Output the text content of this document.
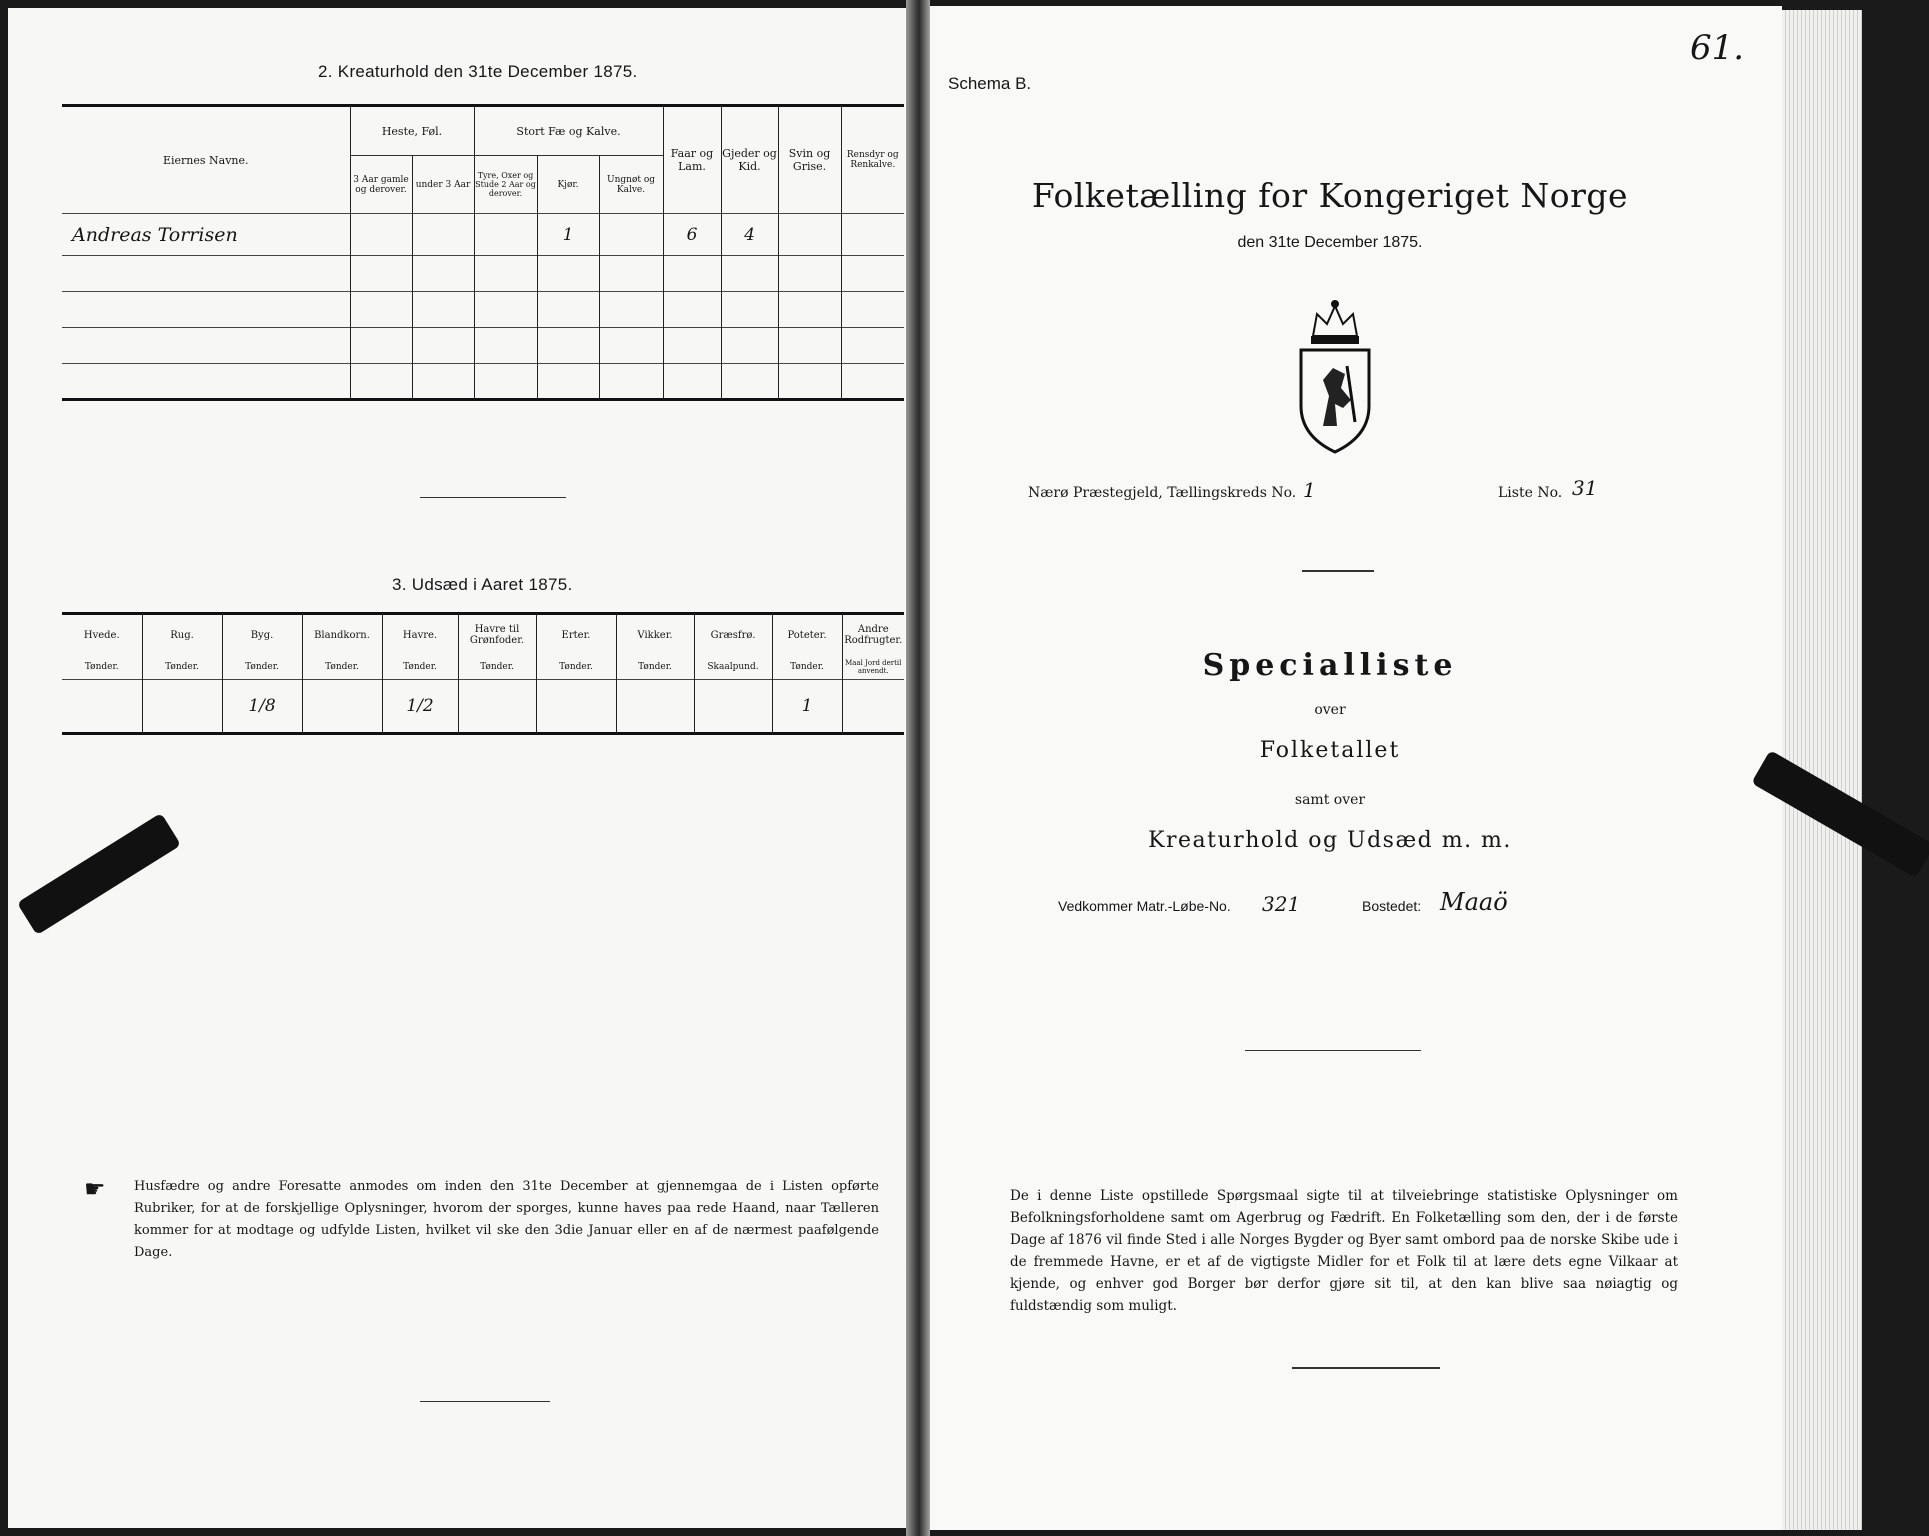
2. Kreaturhold den 31te December 1875.
Eiernes Navne.	Heste, Føl.		Stort Fæ og Kalve.			Faar og Lam.	Gjeder og Kid.	Svin og Grise.	Rensdyr og Renkalve.
	3 Aar gamle og derover.	under 3 Aar	Tyre, Oxer og Stude 2 Aar og derover.	Kjør.	Ungnøt og Kalve.				
Andreas Torrisen				1		6	4		

3. Udsæd i Aaret 1875.
Hvede.	Rug.	Byg.	Blandkorn.	Havre.	Havre til Grønfoder.	Erter.	Vikker.	Græsfrø.	Poteter.	Andre Rodfrugter.
Tønder.	Tønder.	Tønder.	Tønder.	Tønder.	Tønder.	Tønder.	Tønder.	Skaalpund.	Tønder.	Maal Jord dertil anvendt.
		1/8		1/2					1	
☛	Husfædre og andre Foresatte anmodes om inden den 31te December at gjennemgaa de i Listen opførte Rubriker, for at de forskjellige Oplysninger, hvorom der sporges, kunne haves paa rede Haand, naar Tælleren kommer for at modtage og udfylde Listen, hvilket vil ske den 3die Januar eller en af de nærmest paafølgende Dage.
61.
Schema B.
Folketælling for Kongeriget Norge
den 31te December 1875.
Nærø Præstegjeld, Tællingskreds No. 1	Liste No. 31
Specialliste
over
Folketallet
samt over
Kreaturhold og Udsæd m. m.
Vedkommer Matr.-Løbe-No. 321	Bostedet: Maaö
De i denne Liste opstillede Spørgsmaal sigte til at tilveiebringe statistiske Oplysninger om Befolkningsforholdene samt om Agerbrug og Fædrift. En Folketælling som den, der i de første Dage af 1876 vil finde Sted i alle Norges Bygder og Byer samt ombord paa de norske Skibe ude i de fremmede Havne, er et af de vigtigste Midler for et Folk til at lære dets egne Vilkaar at kjende, og enhver god Borger bør derfor gjøre sit til, at den kan blive saa nøiagtig og fuldstændig som muligt.
